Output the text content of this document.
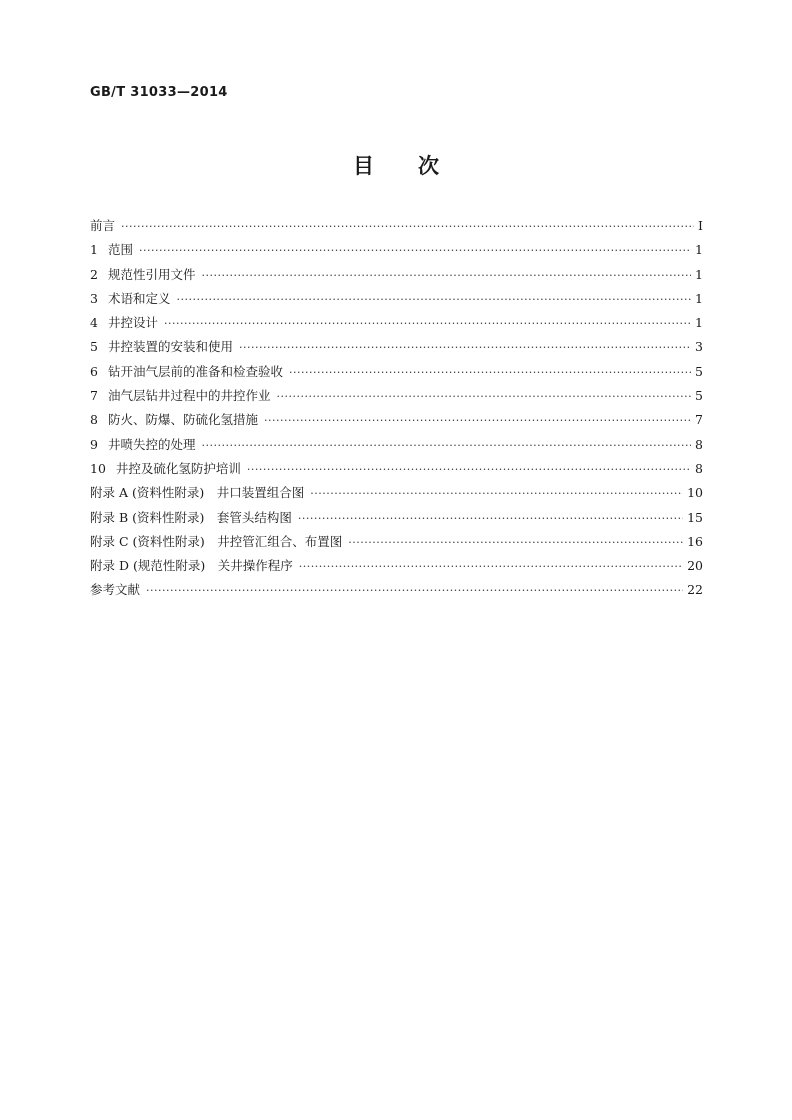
GB/T 31033—2014
目 次
前言 ·····	Ⅰ
1 范围 ·····	1
2 规范性引用文件 ·····	1
3 术语和定义 ·····	1
4 井控设计 ·····	1
5 井控装置的安装和使用 ·····	3
6 钻开油气层前的准备和检查验收 ·····	5
7 油气层钻井过程中的井控作业 ·····	5
8 防火、防爆、防硫化氢措施 ·····	7
9 井喷失控的处理 ·····	8
10 井控及硫化氢防护培训 ·····	8
附录 A (资料性附录)　井口装置组合图 ·····	10
附录 B (资料性附录)　套管头结构图 ·····	15
附录 C (资料性附录)　井控管汇组合、布置图 ·····	16
附录 D (规范性附录)　关井操作程序 ·····	20
参考文献 ·····	22
